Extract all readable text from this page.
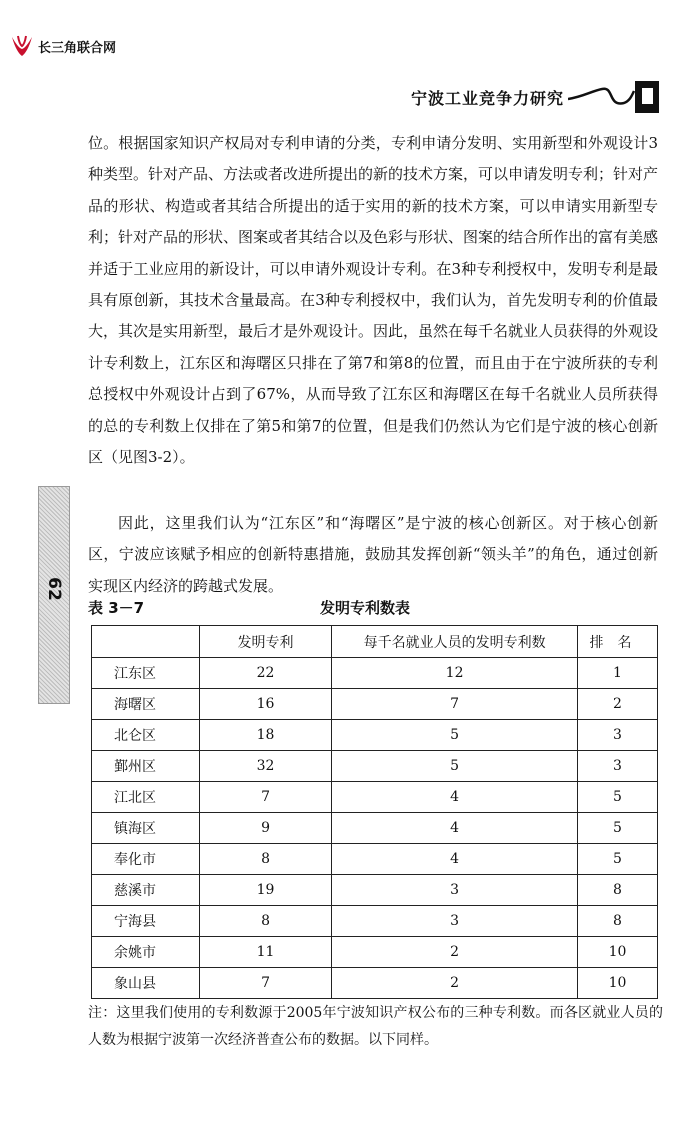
长三角联合网
宁波工业竞争力研究
62

位。根据国家知识产权局对专利申请的分类，专利申请分发明、实用新型和外观设计3种类型。针对产品、方法或者改进所提出的新的技术方案，可以申请发明专利；针对产品的形状、构造或者其结合所提出的适于实用的新的技术方案，可以申请实用新型专利；针对产品的形状、图案或者其结合以及色彩与形状、图案的结合所作出的富有美感并适于工业应用的新设计，可以申请外观设计专利。在3种专利授权中，发明专利是最具有原创新，其技术含量最高。在3种专利授权中，我们认为，首先发明专利的价值最大，其次是实用新型，最后才是外观设计。因此，虽然在每千名就业人员获得的外观设计专利数上，江东区和海曙区只排在了第7和第8的位置，而且由于在宁波所获的专利总授权中外观设计占到了67%，从而导致了江东区和海曙区在每千名就业人员所获得的总的专利数上仅排在了第5和第7的位置，但是我们仍然认为它们是宁波的核心创新区（见图3-2）。

因此，这里我们认为“江东区”和“海曙区”是宁波的核心创新区。对于核心创新区，宁波应该赋予相应的创新特惠措施，鼓励其发挥创新“领头羊”的角色，通过创新实现区内经济的跨越式发展。

表 3－7	发明专利数表
	发明专利	每千名就业人员的发明专利数	排名
江东区	22	12	1
海曙区	16	7	2
北仑区	18	5	3
鄞州区	32	5	3
江北区	7	4	5
镇海区	9	4	5
奉化市	8	4	5
慈溪市	19	3	8
宁海县	8	3	8
余姚市	11	2	10
象山县	7	2	10

注：这里我们使用的专利数源于2005年宁波知识产权公布的三种专利数。而各区就业人员的人数为根据宁波第一次经济普查公布的数据。以下同样。
